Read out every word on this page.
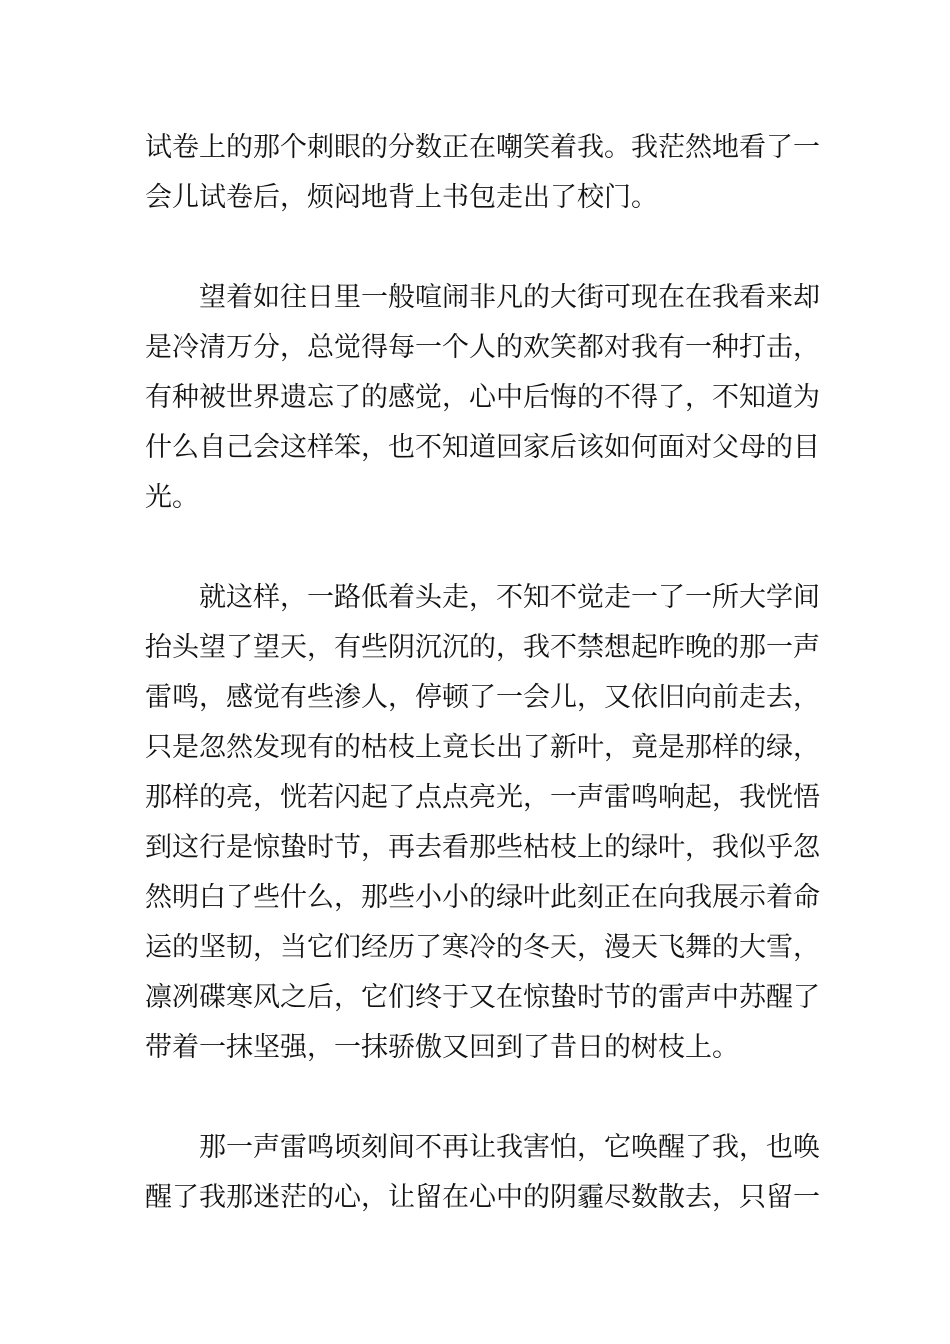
试卷上的那个刺眼的分数正在嘲笑着我。我茫然地看了一
会儿试卷后，烦闷地背上书包走出了校门。
望着如往日里一般喧闹非凡的大街可现在在我看来却
是冷清万分，总觉得每一个人的欢笑都对我有一种打击，
有种被世界遗忘了的感觉，心中后悔的不得了，不知道为
什么自己会这样笨，也不知道回家后该如何面对父母的目
光。
就这样，一路低着头走，不知不觉走一了一所大学间
抬头望了望天，有些阴沉沉的，我不禁想起昨晚的那一声
雷鸣，感觉有些渗人，停顿了一会儿，又依旧向前走去，
只是忽然发现有的枯枝上竟长出了新叶，竟是那样的绿，
那样的亮，恍若闪起了点点亮光，一声雷鸣响起，我恍悟
到这行是惊蛰时节，再去看那些枯枝上的绿叶，我似乎忽
然明白了些什么，那些小小的绿叶此刻正在向我展示着命
运的坚韧，当它们经历了寒冷的冬天，漫天飞舞的大雪，
凛冽碟寒风之后，它们终于又在惊蛰时节的雷声中苏醒了
带着一抹坚强，一抹骄傲又回到了昔日的树枝上。
那一声雷鸣顷刻间不再让我害怕，它唤醒了我，也唤
醒了我那迷茫的心，让留在心中的阴霾尽数散去，只留一
